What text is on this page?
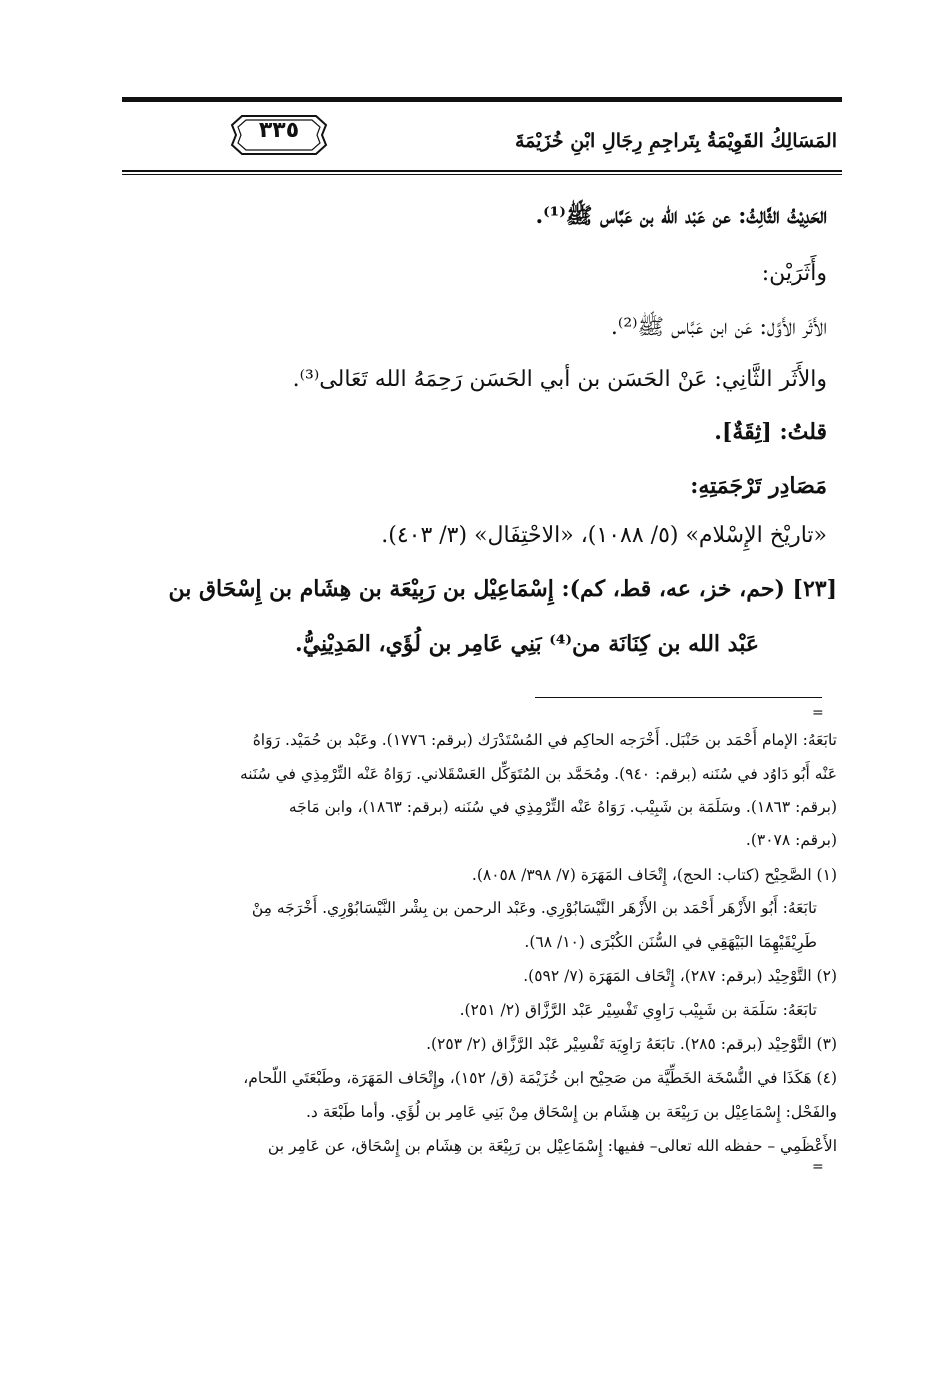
٣٣٥	المَسَالِكُ القَوِيْمَةُ بِتَراجِمِ رِجَالِ ابْنِ خُزَيْمَةَ
الحَدِيْثُ الثَّالِثُ: عن عَبْد الله بن عَبَّاس ﷺ⁽¹⁾.
وأَثَرَيْن:
الأَثَر الأَوَّل: عَن ابن عَبَّاس ﷺ⁽²⁾.
والأَثَر الثَّانِي: عَنْ الحَسَن بن أبي الحَسَن رَحِمَهُ الله تَعَالى⁽³⁾.
قلتُ: [ثِقَةٌ].
مَصَادِر تَرْجَمَتِهِ:
«تاريْخ الإِسْلام» (٥/ ١٠٨٨)، «الاحْتِفَال» (٣/ ٤٠٣).
[٢٣] (حم، خز، عه، قط، كم): إِسْمَاعِيْل بن رَبِيْعَة بن هِشَام بن إِسْحَاق بن
عَبْد الله بن كِنَانَة من⁽⁴⁾ بَنِي عَامِر بن لُؤَي، المَدِيْنِيُّ.
=
تابَعَهُ: الإمام أَحْمَد بن حَنْبَل. أَخْرَجه الحاكِم في المُسْتَدْرَك (برقم: ١٧٧٦). وعَبْد بن حُمَيْد. رَوَاهُ
عَنْه أَبُو دَاوُد في سُنَنه (برقم: ٩٤٠). ومُحَمَّد بن المُتَوَكِّل العَسْقَلاني. رَوَاهُ عَنْه التِّرْمِذِي في سُنَنه
(برقم: ١٨٦٣). وسَلَمَة بن شَبِيْب. رَوَاهُ عَنْه التِّرْمِذِي في سُنَنه (برقم: ١٨٦٣)، وابن مَاجَه
(برقم: ٣٠٧٨).
(١) الصَّحِيْح (كتاب: الحج)، إِتْحَاف المَهَرَة (٧/ ٣٩٨/ ٨٠٥٨).
تابَعَهُ: أَبُو الأَزْهَر أَحْمَد بن الأَزْهَر النَّيْسَابُوْرِي. وعَبْد الرحمن بن بِشْر النَّيْسَابُوْرِي. أَخْرَجَه مِنْ
طَرِيْقَيْهِمَا البَيْهَقِي في السُّنَن الكُبْرَى (١٠/ ٦٨).
(٢) التَّوْحِيْد (برقم: ٢٨٧)، إِتْحَاف المَهَرَة (٧/ ٥٩٢).
تابَعَهُ: سَلَمَة بن شَبِيْب رَاوِي تَفْسِيْر عَبْد الرَّزَّاق (٢/ ٢٥١).
(٣) التَّوْحِيْد (برقم: ٢٨٥). تابَعَهُ رَاوِيَة تَفْسِيْر عَبْد الرَّزَّاق (٢/ ٢٥٣).
(٤) هَكَذَا في النُّسْخَة الخَطِّيَّة من صَحِيْح ابن خُزَيْمَة (ق/ ١٥٢)، وإِتْحَاف المَهَرَة، وطَبْعَتَي اللّحام،
والفَحْل: إِسْمَاعِيْل بن رَبِيْعَة بن هِشَام بن إِسْحَاق مِنْ بَنِي عَامِر بن لُؤَي. وأما طَبْعَة د.
الأَعْظَمِي – حفظه الله تعالى– ففيها: إِسْمَاعِيْل بن رَبِيْعَة بن هِشَام بن إِسْحَاق، عن عَامِر بن
=
